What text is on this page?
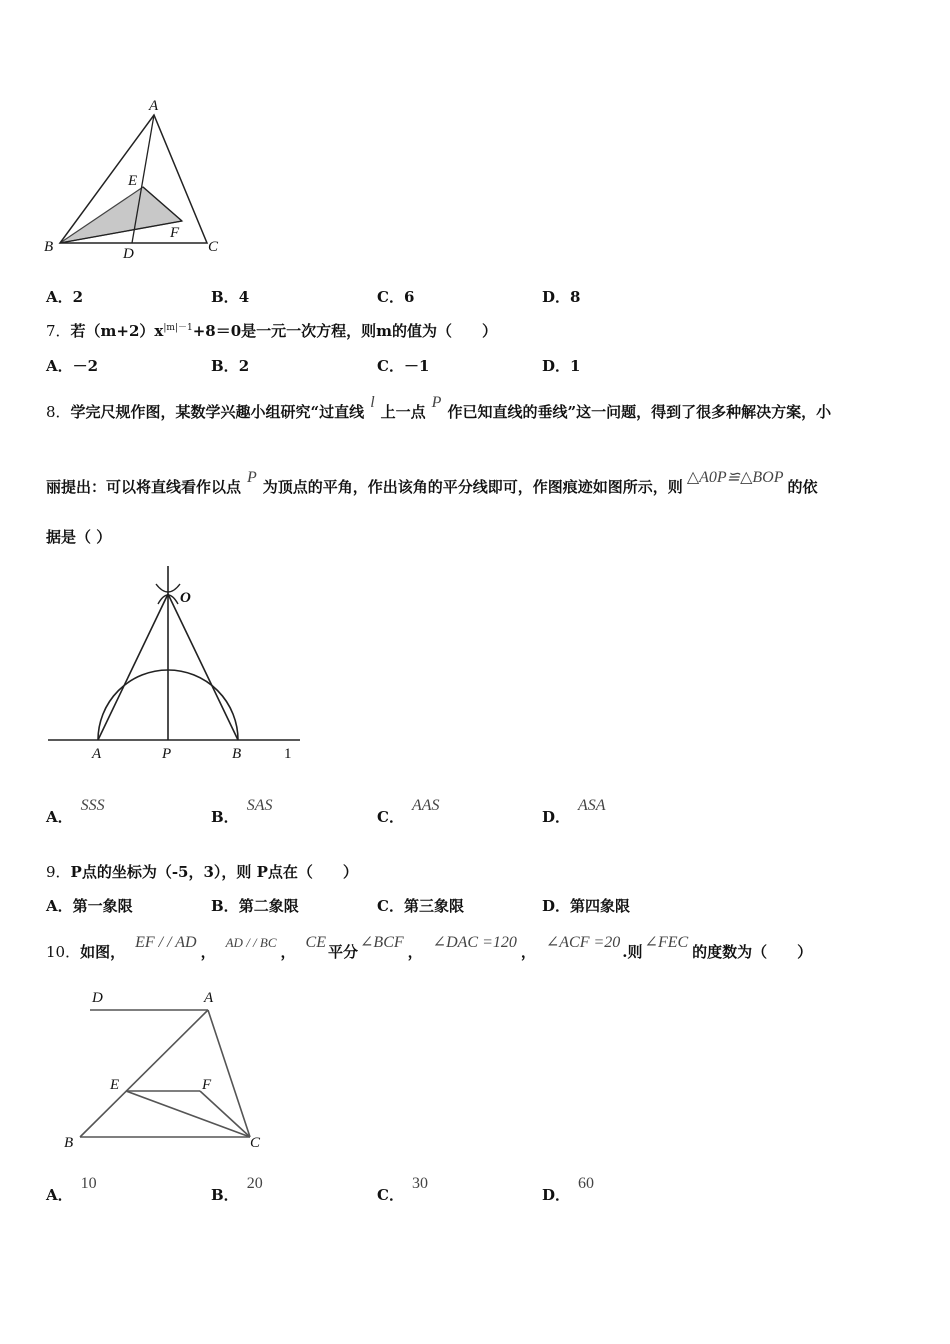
A
E
F
B	D	C
A．2	B．4	C．6	D．8
7．若$(m+2)x^{|m|-1}+8=0$是一元一次方程，则m的值为（　　）
A．－2	B．2	C．－1	D．1
8．学完尺规作图，某数学兴趣小组研究“过直线l上一点P作已知直线的垂线”这一问题，得到了很多种解决方案，小
丽提出：可以将直线看作以点P为顶点的平角，作出该角的平分线即可，作图痕迹如图所示，则△A0P≌△BOP的依
据是（ ）
O
A	P	B	1
A．SSS
B．SAS
C．AAS
D．ASA
9．P点的坐标为（-5，3），则 P点在（　　）
A．第一象限	B．第二象限	C．第三象限	D．第四象限
10．如图，EF / / AD，AD / / BC，CE平分∠BCF，∠DAC =120，∠ACF =20.则∠FEC的度数为（　　）
D	A
E	F
B	C
A．10
B．20
C．30
D．60
